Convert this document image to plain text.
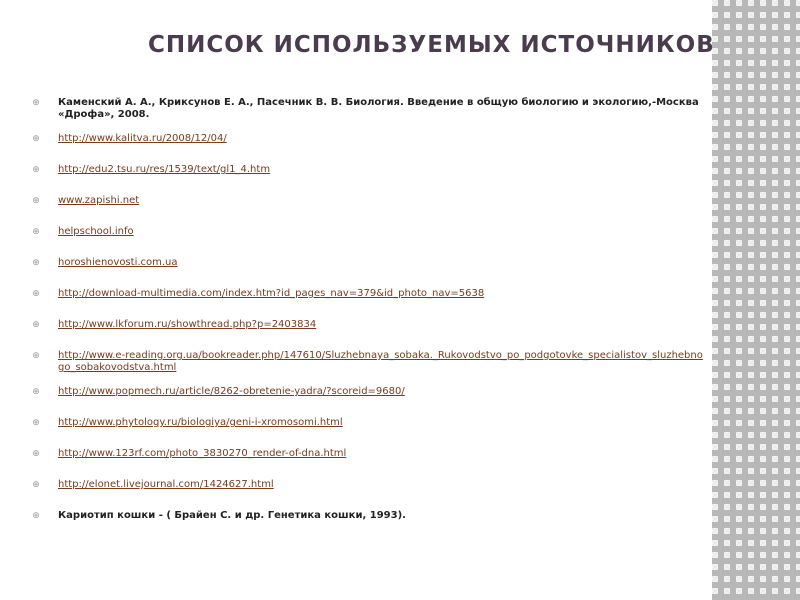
СПИСОК ИСПОЛЬЗУЕМЫХ ИСТОЧНИКОВ
⊕ Каменский А. А., Криксунов Е. А., Пасечник В. В. Биология. Введение в общую биологию и экологию,-Москва «Дрофа», 2008.
⊕ http://www.kalitva.ru/2008/12/04/
⊕ http://edu2.tsu.ru/res/1539/text/gl1_4.htm
⊕ www.zapishi.net
⊕ helpschool.info
⊕ horoshienovosti.com.ua
⊕ http://download-multimedia.com/index.htm?id_pages_nav=379&id_photo_nav=5638
⊕ http://www.lkforum.ru/showthread.php?p=2403834
⊕ http://www.e-reading.org.ua/bookreader.php/147610/Sluzhebnaya_sobaka._Rukovodstvo_po_podgotovke_specialistov_sluzhebnogo_sobakovodstva.html
⊕ http://www.popmech.ru/article/8262-obretenie-yadra/?scoreid=9680/
⊕ http://www.phytology.ru/biologiya/geni-i-xromosomi.html
⊕ http://www.123rf.com/photo_3830270_render-of-dna.html
⊕ http://elonet.livejournal.com/1424627.html
⊕ Кариотип кошки - ( Брайен С. и др. Генетика кошки, 1993).
